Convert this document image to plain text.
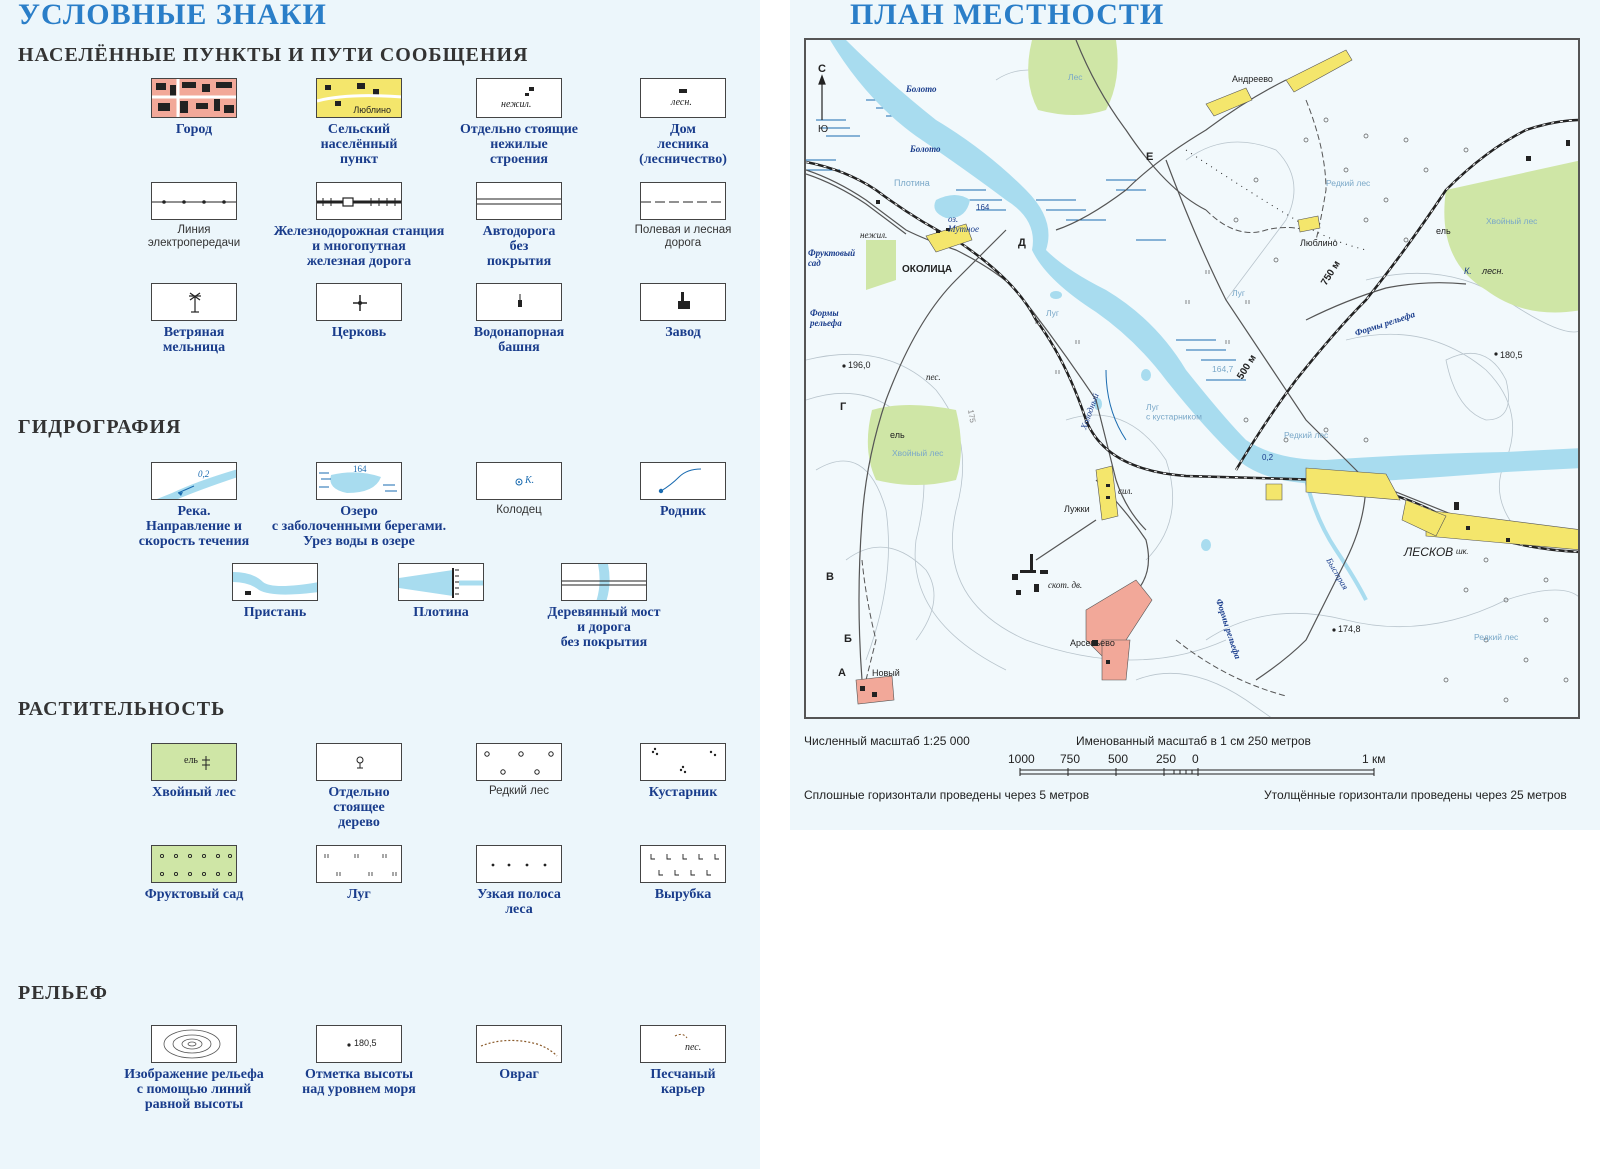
УСЛОВНЫЕ ЗНАКИ	ПЛАН МЕСТНОСТИ
НАСЕЛЁННЫЕ ПУНКТЫ И ПУТИ СООБЩЕНИЯ
ГИДРОГРАФИЯ
РАСТИТЕЛЬНОСТЬ
РЕЛЬЕФ
Город
Люблино
Сельский
населённый
пункт
нежил.
Отдельно стоящие
нежилые
строения
лесн.
Дом
лесника
(лесничество)
Линия
электропередачи
Железнодорожная станция
и многопутная
железная дорога
Автодорога
без
покрытия
Полевая и лесная
дорога
Ветряная
мельница
Церковь	Водонапорная
башня
Завод
0,2
Река.
Направление и
скорость течения
164
Озеро
с заболоченными берегами.
Урез воды в озере
К.
Колодец	Родник
Пристань	Плотина	Деревянный мост
и дорога
без покрытия
ель
Хвойный лес	Отдельно
стоящее
дерево
Редкий лес	Кустарник
Фруктовый сад	Луг	Узкая полоса
леса
Вырубка
Изображение рельефа
с помощью линий
равной высоты
180,5
Отметка высоты
над уровнем моря
Овраг
пес.
Песчаный
карьер
С
Ю
Болото
Болото
Плотина
оз. Мутное
164
Фруктовый сад
Формы рельефа	Формы рельефа
Холодный
Быстрая
Формы рельефа
0,2
нежил.
ОКОЛИЦА
196,0
пес.
Андреево
Люблино
Лужки
сил.
скот. дв.
Арсеньево
Новый
ЛЕСКОВ шк.
174,8
180,5
ель
ель
К. лесн.
500 м
750 м
175
А
Б
В
Г
Д
Е
Лес
Редкий лес
Хвойный лес
Хвойный лес
Редкий лес
Редкий лес
Луг
Луг
Луг с кустарником
164,7
Численный масштаб 1:25 000	Именованный масштаб в 1 см 250 метров
1000 750 500 250 0	1 км
Сплошные горизонтали проведены через 5 метров	Утолщённые горизонтали проведены через 25 метров
